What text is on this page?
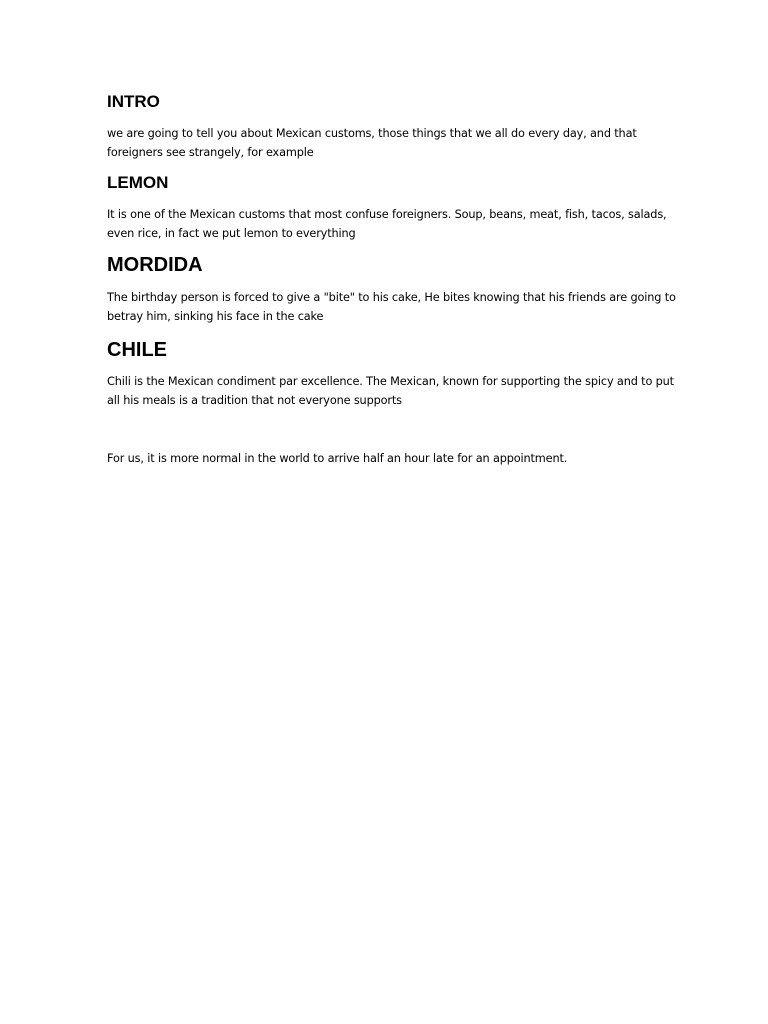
INTRO

we are going to tell you about Mexican customs, those things that we all do every day, and that foreigners see strangely, for example

LEMON

It is one of the Mexican customs that most confuse foreigners. Soup, beans, meat, fish, tacos, salads, even rice, in fact we put lemon to everything

MORDIDA

The birthday person is forced to give a "bite" to his cake, He bites knowing that his friends are going to betray him, sinking his face in the cake

CHILE

Chili is the Mexican condiment par excellence. The Mexican, known for supporting the spicy and to put all his meals is a tradition that not everyone supports

For us, it is more normal in the world to arrive half an hour late for an appointment.
